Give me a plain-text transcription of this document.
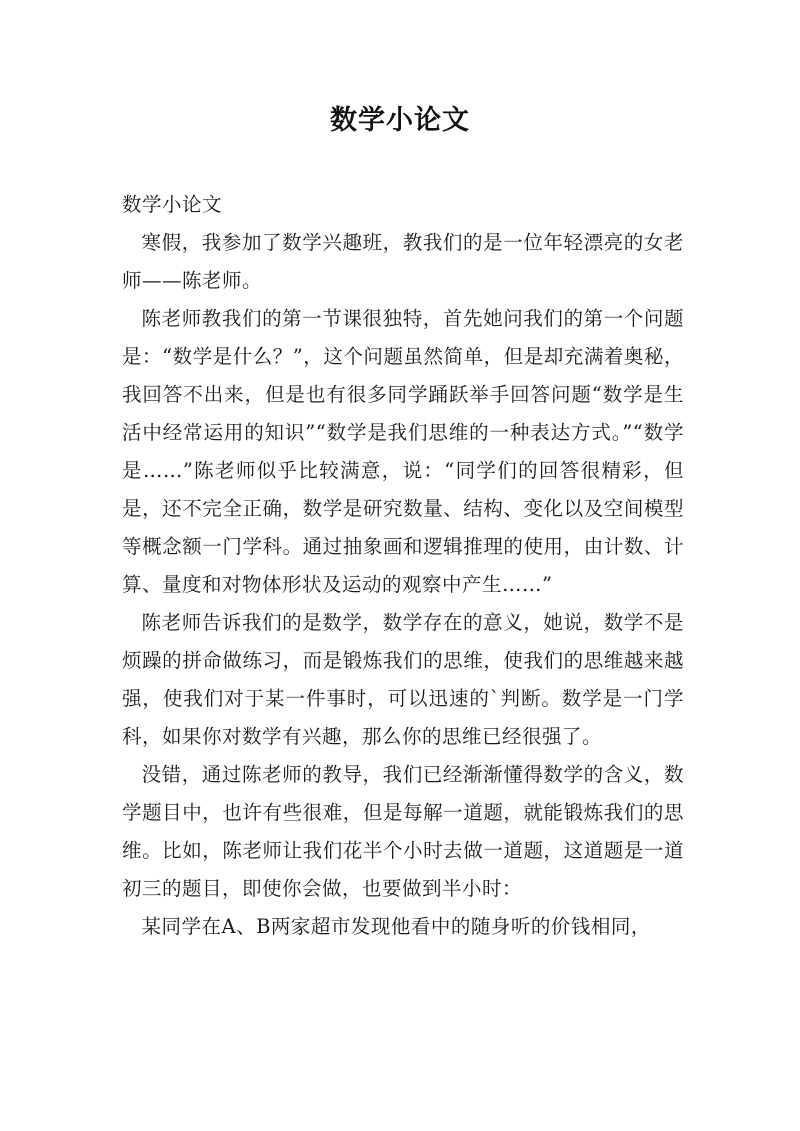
数学小论文

数学小论文

寒假，我参加了数学兴趣班，教我们的是一位年轻漂亮的女老师——陈老师。

陈老师教我们的第一节课很独特，首先她问我们的第一个问题是：“数学是什么？”，这个问题虽然简单，但是却充满着奥秘，我回答不出来，但是也有很多同学踊跃举手回答问题“数学是生活中经常运用的知识”“数学是我们思维的一种表达方式。”“数学是……”陈老师似乎比较满意，说：“同学们的回答很精彩，但是，还不完全正确，数学是研究数量、结构、变化以及空间模型等概念额一门学科。通过抽象画和逻辑推理的使用，由计数、计算、量度和对物体形状及运动的观察中产生……”

陈老师告诉我们的是数学，数学存在的意义，她说，数学不是烦躁的拼命做练习，而是锻炼我们的思维，使我们的思维越来越强，使我们对于某一件事时，可以迅速的`判断。数学是一门学科，如果你对数学有兴趣，那么你的思维已经很强了。

没错，通过陈老师的教导，我们已经渐渐懂得数学的含义，数学题目中，也许有些很难，但是每解一道题，就能锻炼我们的思维。比如，陈老师让我们花半个小时去做一道题，这道题是一道初三的题目，即使你会做，也要做到半小时：

某同学在A、B两家超市发现他看中的随身听的价钱相同，
